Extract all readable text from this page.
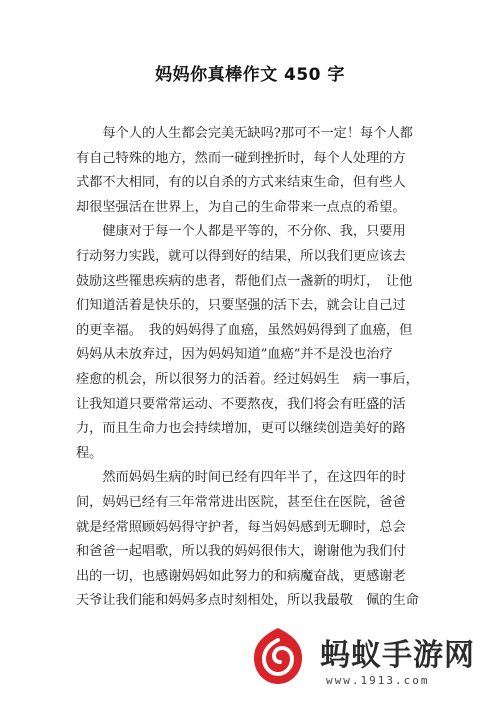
妈妈你真棒作文 450 字
　　每个人的人生都会完美无缺吗?那可不一定！每个人都
有自己特殊的地方，然而一碰到挫折时，每个人处理的方
式都不大相同，有的以自杀的方式来结束生命，但有些人
却很坚强活在世界上，为自己的生命带来一点点的希望。
　　健康对于每一个人都是平等的，不分你、我，只要用
行动努力实践，就可以得到好的结果，所以我们更应该去
鼓励这些罹患疾病的患者，帮他们点一盏新的明灯，　让他
们知道活着是快乐的，只要坚强的活下去，就会让自己过
的更幸福。　我的妈妈得了血癌，虽然妈妈得到了血癌，但
妈妈从未放弃过，因为妈妈知道”血癌”并不是没也治疗
痊愈的机会，所以很努力的活着。经过妈妈生　病一事后，
让我知道只要常常运动、不要熬夜，我们将会有旺盛的活
力，而且生命力也会持续增加，更可以继续创造美好的路
程。
　　然而妈妈生病的时间已经有四年半了，在这四年的时
间，妈妈已经有三年常常进出医院，甚至住在医院，爸爸
就是经常照顾妈妈得守护者，每当妈妈感到无聊时，总会
和爸爸一起唱歌，所以我的妈妈很伟大，谢谢他为我们付
出的一切，也感谢妈妈如此努力的和病魔奋战，更感谢老
天爷让我们能和妈妈多点时刻相处，所以我最敬　佩的生命
蚂蚁手游网
www.1913.com
